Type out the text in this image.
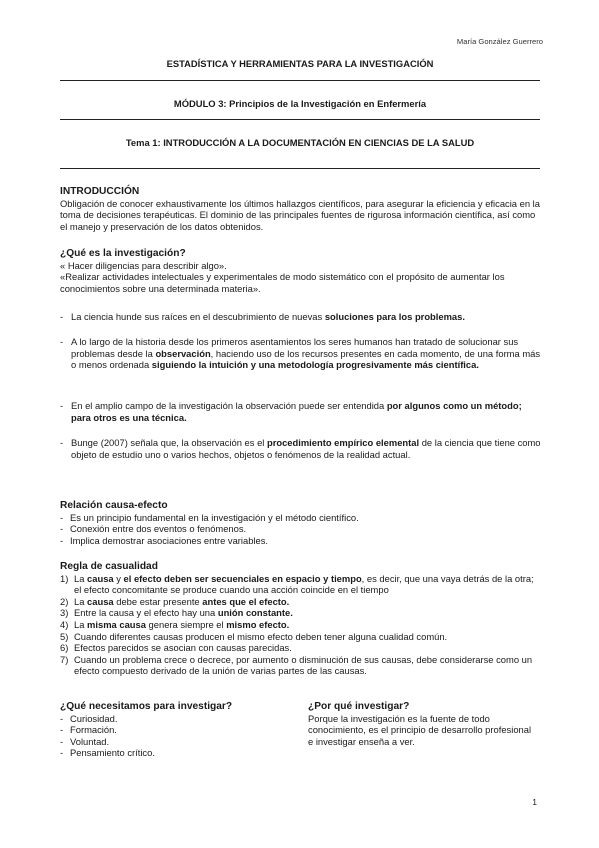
María González Guerrero
ESTADÍSTICA Y HERRAMIENTAS PARA LA INVESTIGACIÓN
MÓDULO 3: Principios de la Investigación en Enfermería
Tema 1: INTRODUCCIÓN A LA DOCUMENTACIÓN EN CIENCIAS DE LA SALUD
INTRODUCCIÓN
Obligación de conocer exhaustivamente los últimos hallazgos científicos, para asegurar la eficiencia y eficacia en la toma de decisiones terapéuticas. El dominio de las principales fuentes de rigurosa información científica, así como el manejo y preservación de los datos obtenidos.
¿Qué es la investigación?
« Hacer diligencias para describir algo».
«Realizar actividades intelectuales y experimentales de modo sistemático con el propósito de aumentar los conocimientos sobre una determinada materia».
- La ciencia hunde sus raíces en el descubrimiento de nuevas soluciones para los problemas.
- A lo largo de la historia desde los primeros asentamientos los seres humanos han tratado de solucionar sus problemas desde la observación, haciendo uso de los recursos presentes en cada momento, de una forma más o menos ordenada siguiendo la intuición y una metodología progresivamente más científica.
- En el amplio campo de la investigación la observación puede ser entendida por algunos como un método; para otros es una técnica.
- Bunge (2007) señala que, la observación es el procedimiento empírico elemental de la ciencia que tiene como objeto de estudio uno o varios hechos, objetos o fenómenos de la realidad actual.
Relación causa-efecto
- Es un principio fundamental en la investigación y el método científico.
- Conexión entre dos eventos o fenómenos.
- Implica demostrar asociaciones entre variables.
Regla de casualidad
1) La causa y el efecto deben ser secuenciales en espacio y tiempo, es decir, que una vaya detrás de la otra; el efecto concomitante se produce cuando una acción coincide en el tiempo
2) La causa debe estar presente antes que el efecto.
3) Entre la causa y el efecto hay una unión constante.
4) La misma causa genera siempre el mismo efecto.
5) Cuando diferentes causas producen el mismo efecto deben tener alguna cualidad común.
6) Efectos parecidos se asocian con causas parecidas.
7) Cuando un problema crece o decrece, por aumento o disminución de sus causas, debe considerarse como un efecto compuesto derivado de la unión de varias partes de las causas.
¿Qué necesitamos para investigar?
- Curiosidad.
- Formación.
- Voluntad.
- Pensamiento crítico.
¿Por qué investigar?
Porque la investigación es la fuente de todo conocimiento, es el principio de desarrollo profesional e investigar enseña a ver.
1
